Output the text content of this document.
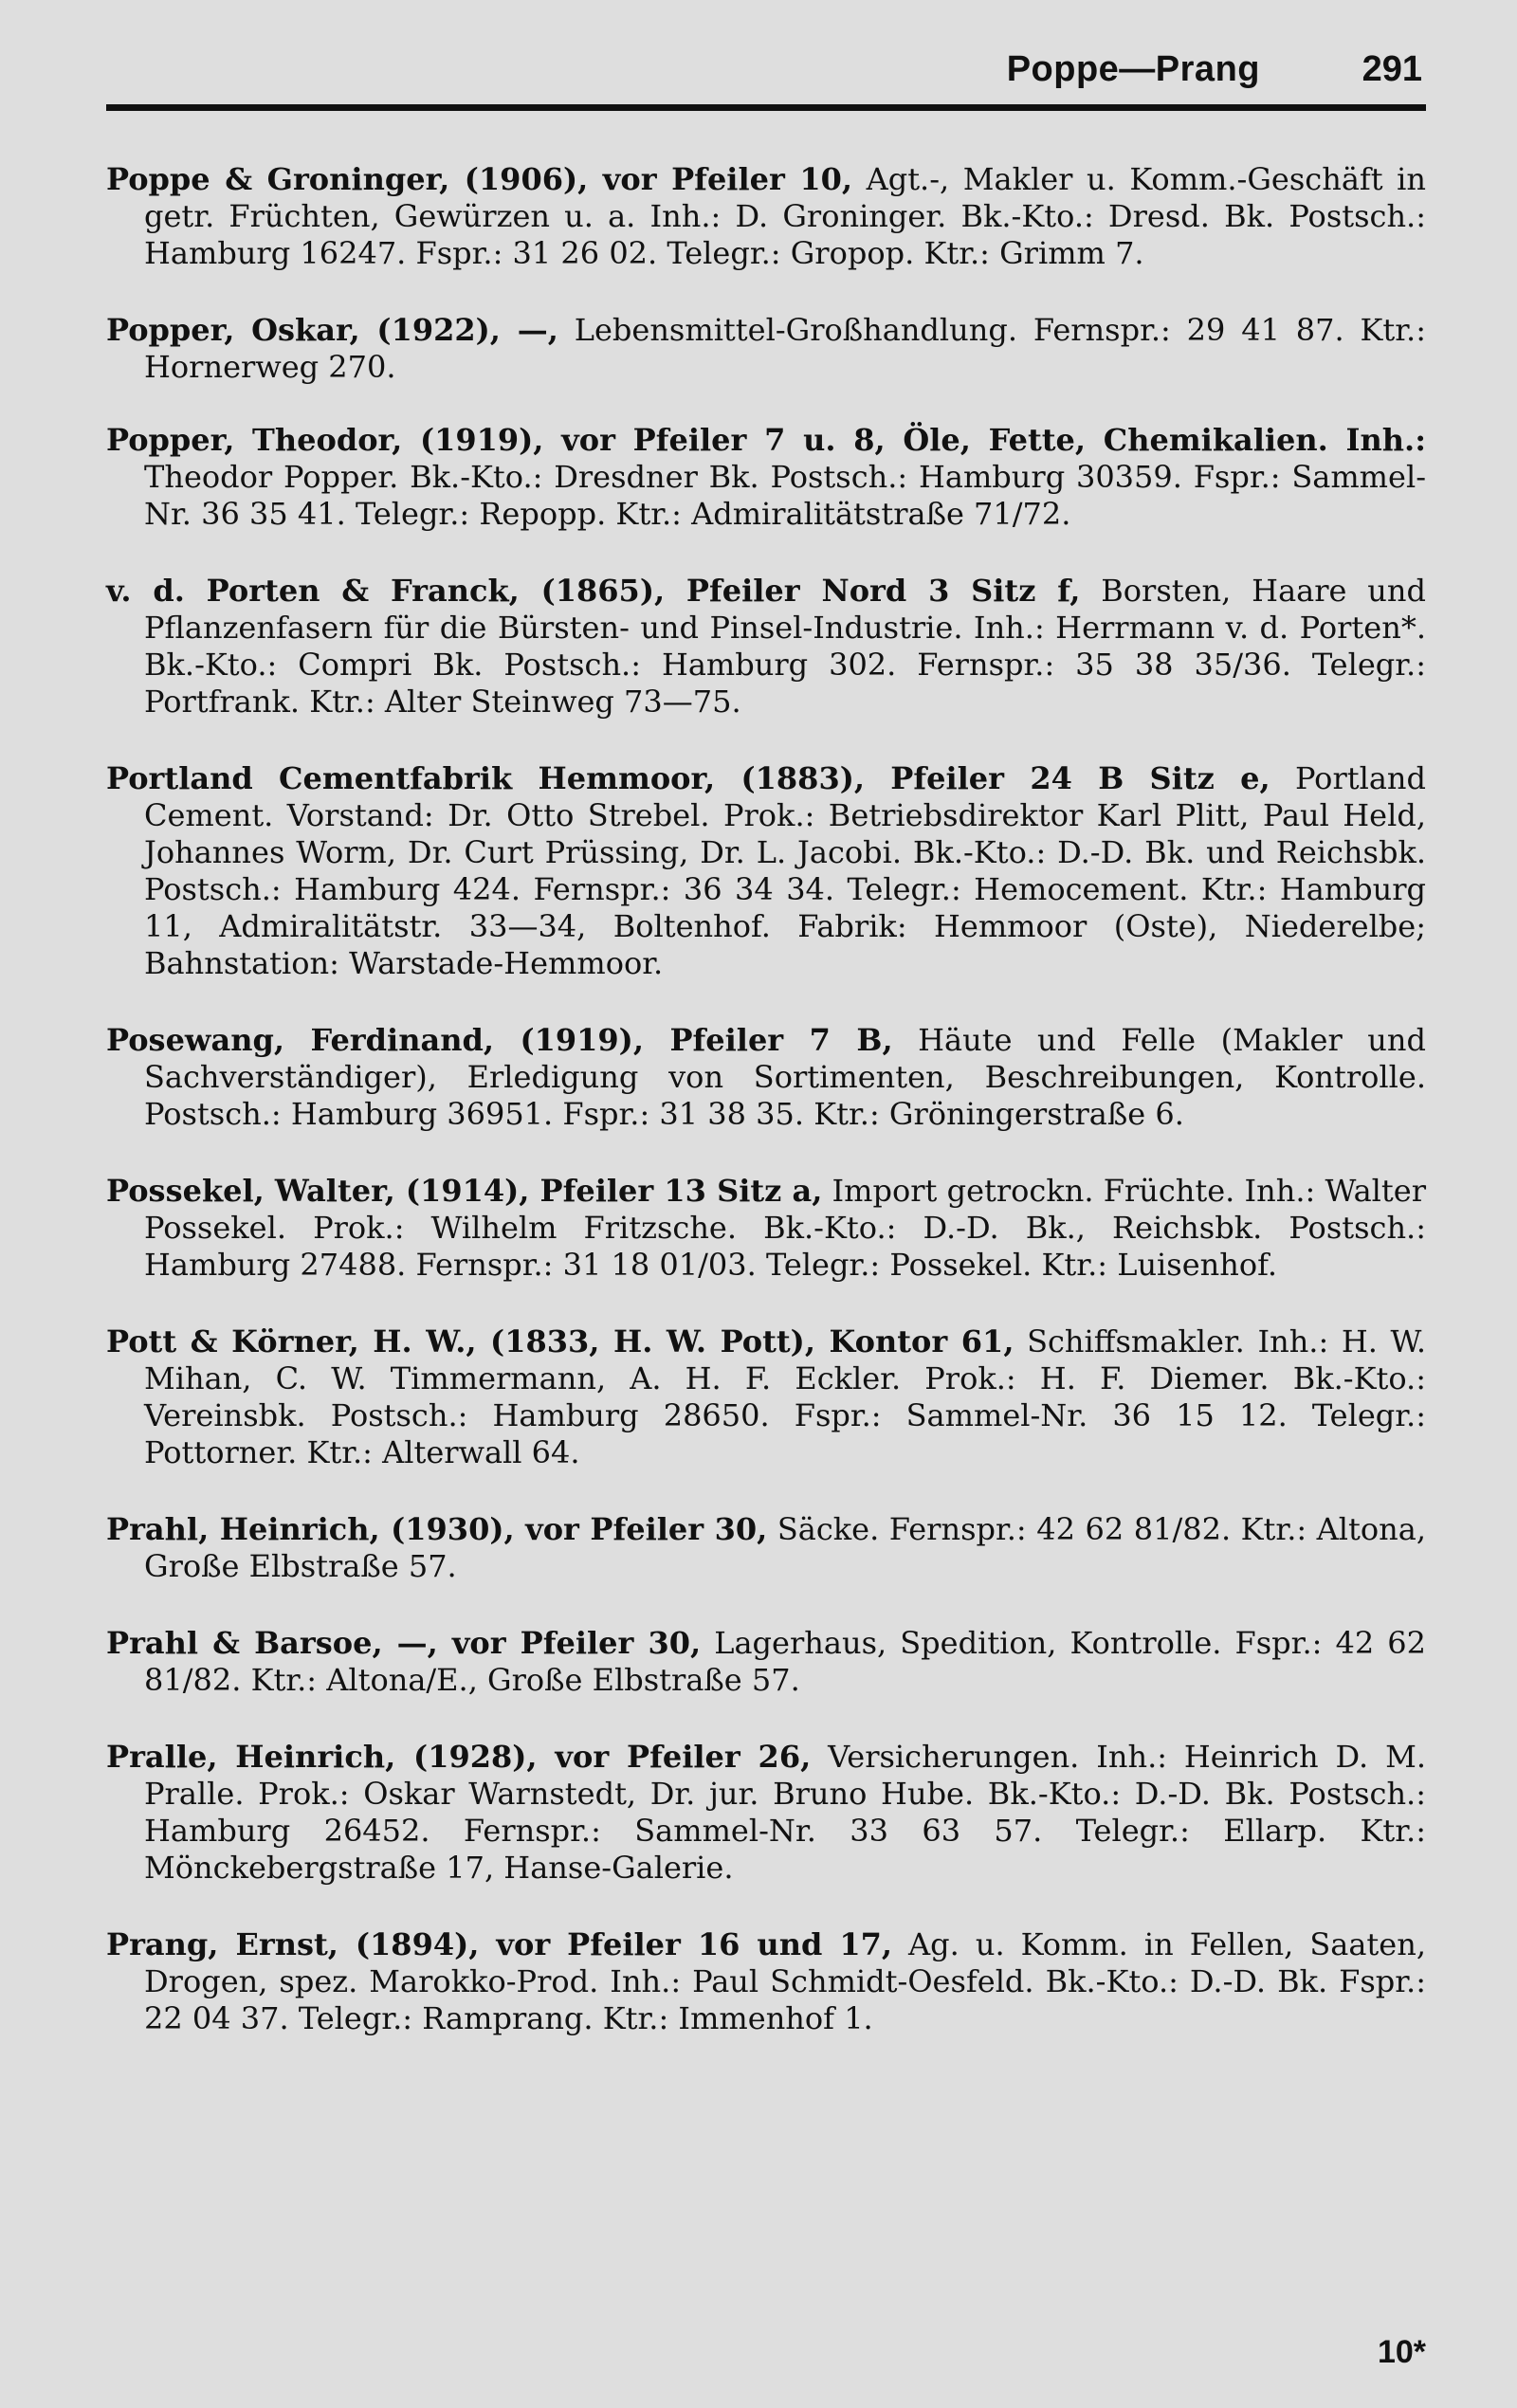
Poppe—Prang	291

Poppe & Groninger, (1906), vor Pfeiler 10, Agt.-, Makler u. Komm.-Geschäft in getr. Früchten, Gewürzen u. a. Inh.: D. Groninger. Bk.-Kto.: Dresd. Bk. Postsch.: Hamburg 16247. Fspr.: 31 26 02. Telegr.: Gropop. Ktr.: Grimm 7.

Popper, Oskar, (1922), —, Lebensmittel-Großhandlung. Fernspr.: 29 41 87. Ktr.: Hornerweg 270.

Popper, Theodor, (1919), vor Pfeiler 7 u. 8, Öle, Fette, Chemikalien. Inh.: Theodor Popper. Bk.-Kto.: Dresdner Bk. Postsch.: Hamburg 30359. Fspr.: Sammel-Nr. 36 35 41. Telegr.: Repopp. Ktr.: Admiralitätstraße 71/72.

v. d. Porten & Franck, (1865), Pfeiler Nord 3 Sitz f, Borsten, Haare und Pflanzenfasern für die Bürsten- und Pinsel-Industrie. Inh.: Herrmann v. d. Porten*. Bk.-Kto.: Compri Bk. Postsch.: Hamburg 302. Fernspr.: 35 38 35/36. Telegr.: Portfrank. Ktr.: Alter Steinweg 73—75.

Portland Cementfabrik Hemmoor, (1883), Pfeiler 24 B Sitz e, Portland Cement. Vorstand: Dr. Otto Strebel. Prok.: Betriebsdirektor Karl Plitt, Paul Held, Johannes Worm, Dr. Curt Prüssing, Dr. L. Jacobi. Bk.-Kto.: D.-D. Bk. und Reichsbk. Postsch.: Hamburg 424. Fernspr.: 36 34 34. Telegr.: Hemocement. Ktr.: Hamburg 11, Admiralitätstr. 33—34, Boltenhof. Fabrik: Hemmoor (Oste), Niederelbe; Bahnstation: Warstade-Hemmoor.

Posewang, Ferdinand, (1919), Pfeiler 7 B, Häute und Felle (Makler und Sachverständiger), Erledigung von Sortimenten, Beschreibungen, Kontrolle. Postsch.: Hamburg 36951. Fspr.: 31 38 35. Ktr.: Gröningerstraße 6.

Possekel, Walter, (1914), Pfeiler 13 Sitz a, Import getrockn. Früchte. Inh.: Walter Possekel. Prok.: Wilhelm Fritzsche. Bk.-Kto.: D.-D. Bk., Reichsbk. Postsch.: Hamburg 27488. Fernspr.: 31 18 01/03. Telegr.: Possekel. Ktr.: Luisenhof.

Pott & Körner, H. W., (1833, H. W. Pott), Kontor 61, Schiffsmakler. Inh.: H. W. Mihan, C. W. Timmermann, A. H. F. Eckler. Prok.: H. F. Diemer. Bk.-Kto.: Vereinsbk. Postsch.: Hamburg 28650. Fspr.: Sammel-Nr. 36 15 12. Telegr.: Pottorner. Ktr.: Alterwall 64.

Prahl, Heinrich, (1930), vor Pfeiler 30, Säcke. Fernspr.: 42 62 81/82. Ktr.: Altona, Große Elbstraße 57.

Prahl & Barsoe, —, vor Pfeiler 30, Lagerhaus, Spedition, Kontrolle. Fspr.: 42 62 81/82. Ktr.: Altona/E., Große Elbstraße 57.

Pralle, Heinrich, (1928), vor Pfeiler 26, Versicherungen. Inh.: Heinrich D. M. Pralle. Prok.: Oskar Warnstedt, Dr. jur. Bruno Hube. Bk.-Kto.: D.-D. Bk. Postsch.: Hamburg 26452. Fernspr.: Sammel-Nr. 33 63 57. Telegr.: Ellarp. Ktr.: Mönckebergstraße 17, Hanse-Galerie.

Prang, Ernst, (1894), vor Pfeiler 16 und 17, Ag. u. Komm. in Fellen, Saaten, Drogen, spez. Marokko-Prod. Inh.: Paul Schmidt-Oesfeld. Bk.-Kto.: D.-D. Bk. Fspr.: 22 04 37. Telegr.: Ramprang. Ktr.: Immenhof 1.

10*
